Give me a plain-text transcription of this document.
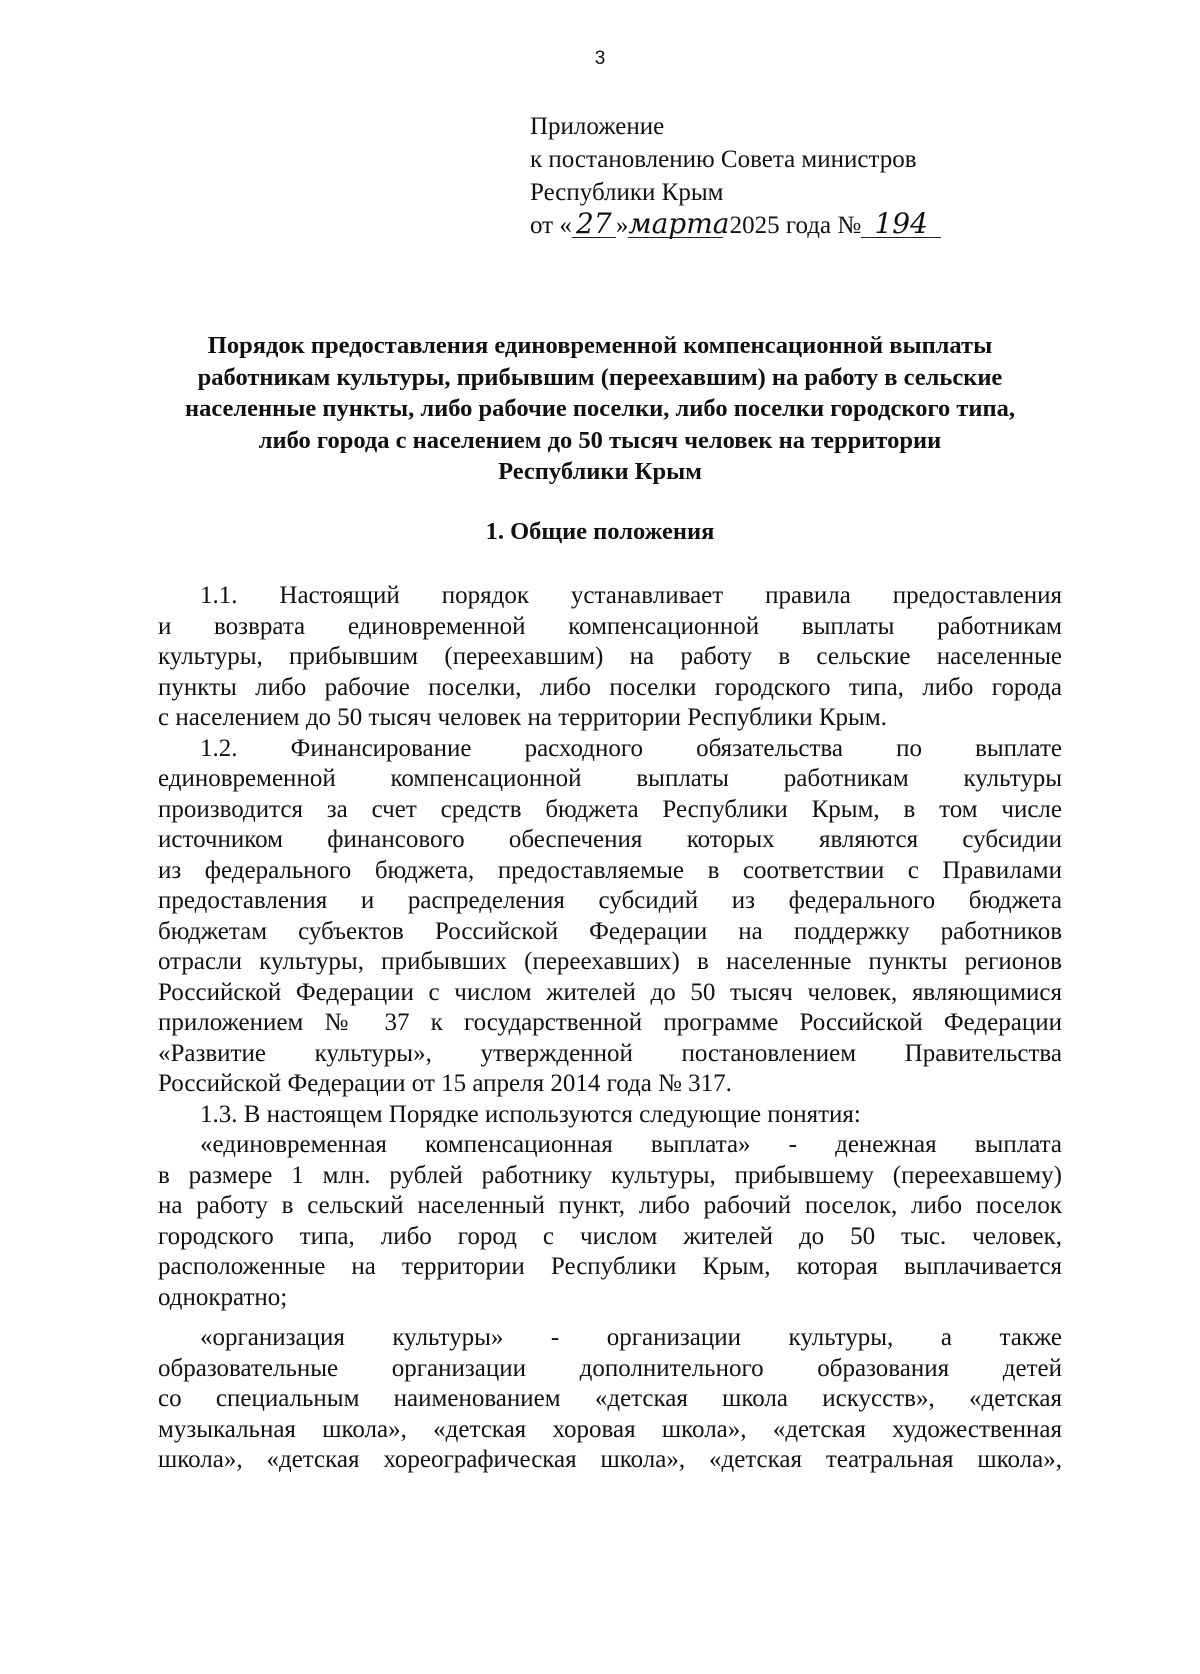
3
Приложение
к постановлению Совета министров
Республики Крым
от « 27 »марта 2025 года № 194
Порядок предоставления единовременной компенсационной выплаты
работникам культуры, прибывшим (переехавшим) на работу в сельские
населенные пункты, либо рабочие поселки, либо поселки городского типа,
либо города с населением до 50 тысяч человек на территории
Республики Крым
1. Общие положения

1.1. Настоящий порядок устанавливает правила предоставления
и возврата единовременной компенсационной выплаты работникам
культуры, прибывшим (переехавшим) на работу в сельские населенные
пункты либо рабочие поселки, либо поселки городского типа, либо города
с населением до 50 тысяч человек на территории Республики Крым.

1.2. Финансирование расходного обязательства по выплате
единовременной компенсационной выплаты работникам культуры
производится за счет средств бюджета Республики Крым, в том числе
источником финансового обеспечения которых являются субсидии
из федерального бюджета, предоставляемые в соответствии с Правилами
предоставления и распределения субсидий из федерального бюджета
бюджетам субъектов Российской Федерации на поддержку работников
отрасли культуры, прибывших (переехавших) в населенные пункты регионов
Российской Федерации с числом жителей до 50 тысяч человек, являющимися
приложением № 37 к государственной программе Российской Федерации
«Развитие культуры», утвержденной постановлением Правительства
Российской Федерации от 15 апреля 2014 года № 317.

1.3. В настоящем Порядке используются следующие понятия:

«единовременная компенсационная выплата» - денежная выплата
в размере 1 млн. рублей работнику культуры, прибывшему (переехавшему)
на работу в сельский населенный пункт, либо рабочий поселок, либо поселок
городского типа, либо город с числом жителей до 50 тыс. человек,
расположенные на территории Республики Крым, которая выплачивается
однократно;

«организация культуры» - организации культуры, а также
образовательные организации дополнительного образования детей
со специальным наименованием «детская школа искусств», «детская
музыкальная школа», «детская хоровая школа», «детская художественная
школа», «детская хореографическая школа», «детская театральная школа»,
